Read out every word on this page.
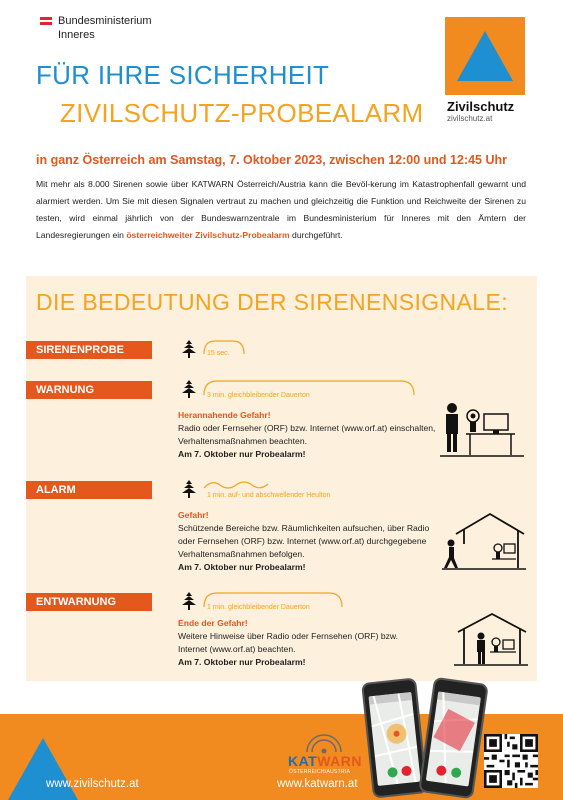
Bundesministerium
Inneres
Zivilschutz
zivilschutz.at
FÜR IHRE SICHERHEIT
ZIVILSCHUTZ-PROBEALARM
in ganz Österreich am Samstag, 7. Oktober 2023, zwischen 12:00 und 12:45 Uhr
Mit mehr als 8.000 Sirenen sowie über KATWARN Österreich/Austria kann die Bevöl-kerung im Katastrophenfall gewarnt und alarmiert werden. Um Sie mit diesen Signalen vertraut zu machen und gleichzeitig die Funktion und Reichweite der Sirenen zu testen, wird einmal jährlich von der Bundeswarnzentrale im Bundesministerium für Inneres mit den Ämtern der Landesregierungen ein österreichweiter Zivilschutz-Probealarm durchgeführt.
DIE BEDEUTUNG DER SIRENENSIGNALE:
SIRENENPROBE	15 sec.
WARNUNG	3 min. gleichbleibender Dauerton
Herannahende Gefahr!
Radio oder Fernseher (ORF) bzw. Internet (www.orf.at) einschalten, Verhaltensmaßnahmen beachten.
Am 7. Oktober nur Probealarm!
ALARM	1 min. auf- und abschwellender Heulton
Gefahr!
Schützende Bereiche bzw. Räumlichkeiten aufsuchen, über Radio oder Fernsehen (ORF) bzw. Internet (www.orf.at) durchgegebene Verhaltensmaßnahmen befolgen.
Am 7. Oktober nur Probealarm!
ENTWARNUNG	1 min. gleichbleibender Dauerton
Ende der Gefahr!
Weitere Hinweise über Radio oder Fernsehen (ORF) bzw. Internet (www.orf.at) beachten.
Am 7. Oktober nur Probealarm!
www.zivilschutz.at
KATWARN
ÖSTERREICH/AUSTRIA
www.katwarn.at
